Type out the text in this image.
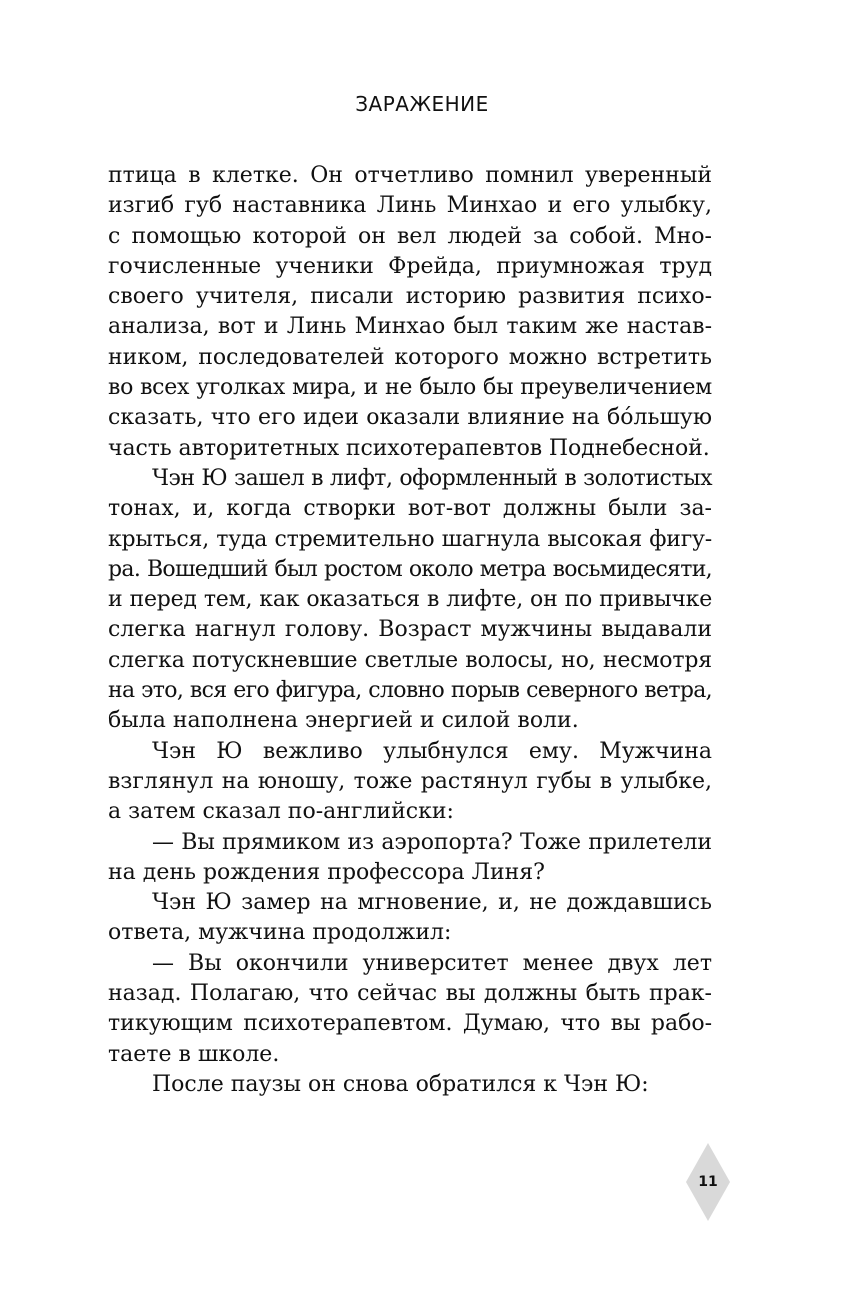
ЗАРАЖЕНИЕ
птица в клетке. Он отчетливо помнил уверенный
изгиб губ наставника Линь Минхао и его улыбку,
с помощью которой он вел людей за собой. Мно-
гочисленные ученики Фрейда, приумножая труд
своего учителя, писали историю развития психо-
анализа, вот и Линь Минхао был таким же настав-
ником, последователей которого можно встретить
во всех уголках мира, и не было бы преувеличением
сказать, что его идеи оказали влияние на бóльшую
часть авторитетных психотерапевтов Поднебесной.
Чэн Ю зашел в лифт, оформленный в золотистых
тонах, и, когда створки вот-вот должны были за-
крыться, туда стремительно шагнула высокая фигу-
ра. Вошедший был ростом около метра восьмидесяти,
и перед тем, как оказаться в лифте, он по привычке
слегка нагнул голову. Возраст мужчины выдавали
слегка потускневшие светлые волосы, но, несмотря
на это, вся его фигура, словно порыв северного ветра,
была наполнена энергией и силой воли.
Чэн Ю вежливо улыбнулся ему. Мужчина
взглянул на юношу, тоже растянул губы в улыбке,
а затем сказал по-английски:
— Вы прямиком из аэропорта? Тоже прилетели
на день рождения профессора Линя?
Чэн Ю замер на мгновение, и, не дождавшись
ответа, мужчина продолжил:
— Вы окончили университет менее двух лет
назад. Полагаю, что сейчас вы должны быть прак-
тикующим психотерапевтом. Думаю, что вы рабо-
таете в школе.
После паузы он снова обратился к Чэн Ю:
11
